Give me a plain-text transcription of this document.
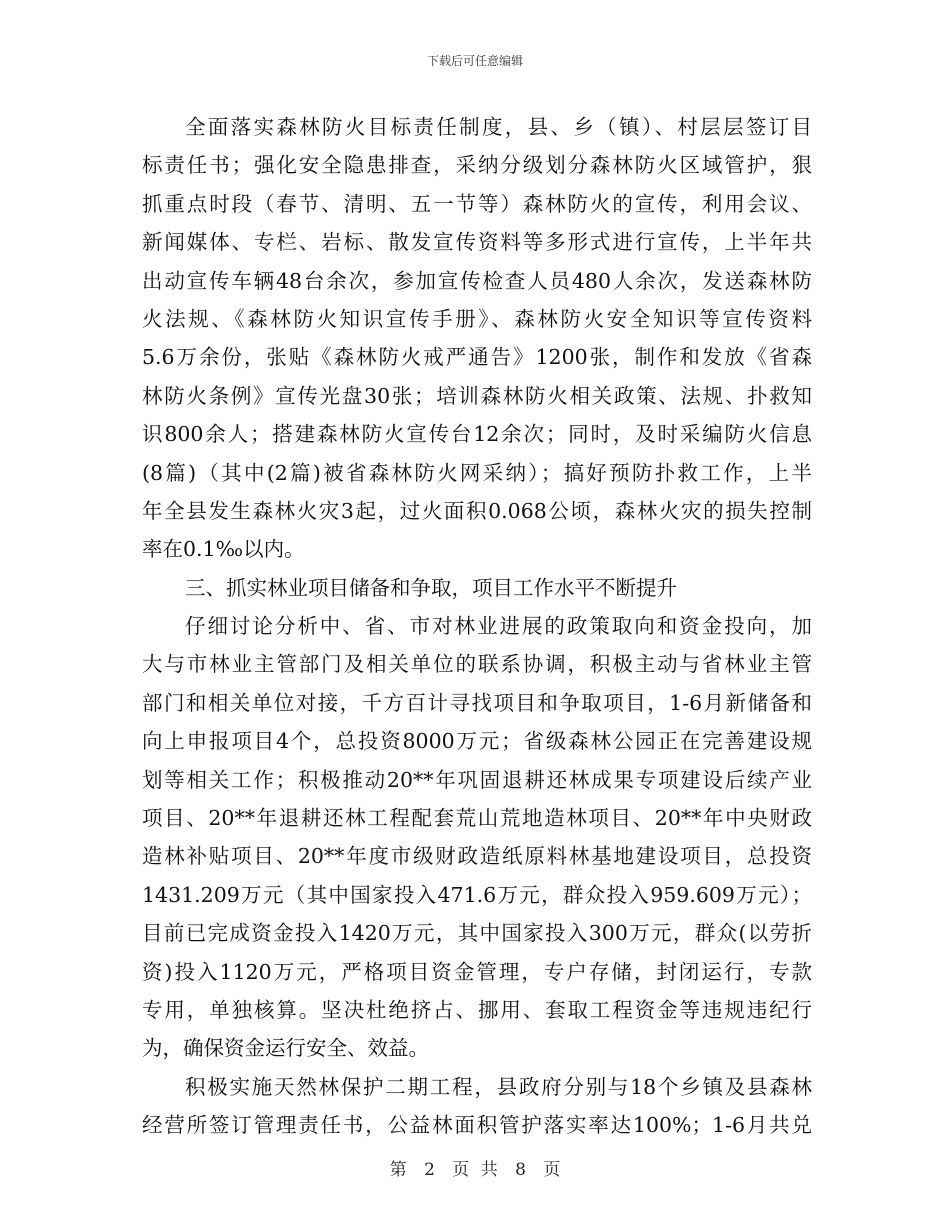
下载后可任意编辑
全面落实森林防火目标责任制度，县、乡（镇）、村层层签订目
标责任书；强化安全隐患排查，采纳分级划分森林防火区域管护，狠
抓重点时段（春节、清明、五一节等）森林防火的宣传，利用会议、
新闻媒体、专栏、岩标、散发宣传资料等多形式进行宣传，上半年共
出动宣传车辆48台余次，参加宣传检查人员480人余次，发送森林防
火法规、《森林防火知识宣传手册》、森林防火安全知识等宣传资料
5.6万余份，张贴《森林防火戒严通告》1200张，制作和发放《省森
林防火条例》宣传光盘30张；培训森林防火相关政策、法规、扑救知
识800余人；搭建森林防火宣传台12余次；同时，及时采编防火信息
(8篇)（其中(2篇)被省森林防火网采纳）；搞好预防扑救工作，上半
年全县发生森林火灾3起，过火面积0.068公顷，森林火灾的损失控制
率在0.1‰以内。
三、抓实林业项目储备和争取，项目工作水平不断提升
仔细讨论分析中、省、市对林业进展的政策取向和资金投向，加
大与市林业主管部门及相关单位的联系协调，积极主动与省林业主管
部门和相关单位对接，千方百计寻找项目和争取项目，1-6月新储备和
向上申报项目4个，总投资8000万元；省级森林公园正在完善建设规
划等相关工作；积极推动20**年巩固退耕还林成果专项建设后续产业
项目、20**年退耕还林工程配套荒山荒地造林项目、20**年中央财政
造林补贴项目、20**年度市级财政造纸原料林基地建设项目，总投资
1431.209万元（其中国家投入471.6万元，群众投入959.609万元）；
目前已完成资金投入1420万元，其中国家投入300万元，群众(以劳折
资)投入1120万元，严格项目资金管理，专户存储，封闭运行，专款
专用，单独核算。坚决杜绝挤占、挪用、套取工程资金等违规违纪行
为，确保资金运行安全、效益。
积极实施天然林保护二期工程，县政府分别与18个乡镇及县森林
经营所签订管理责任书，公益林面积管护落实率达100%；1-6月共兑
第 2 页 共 8 页
